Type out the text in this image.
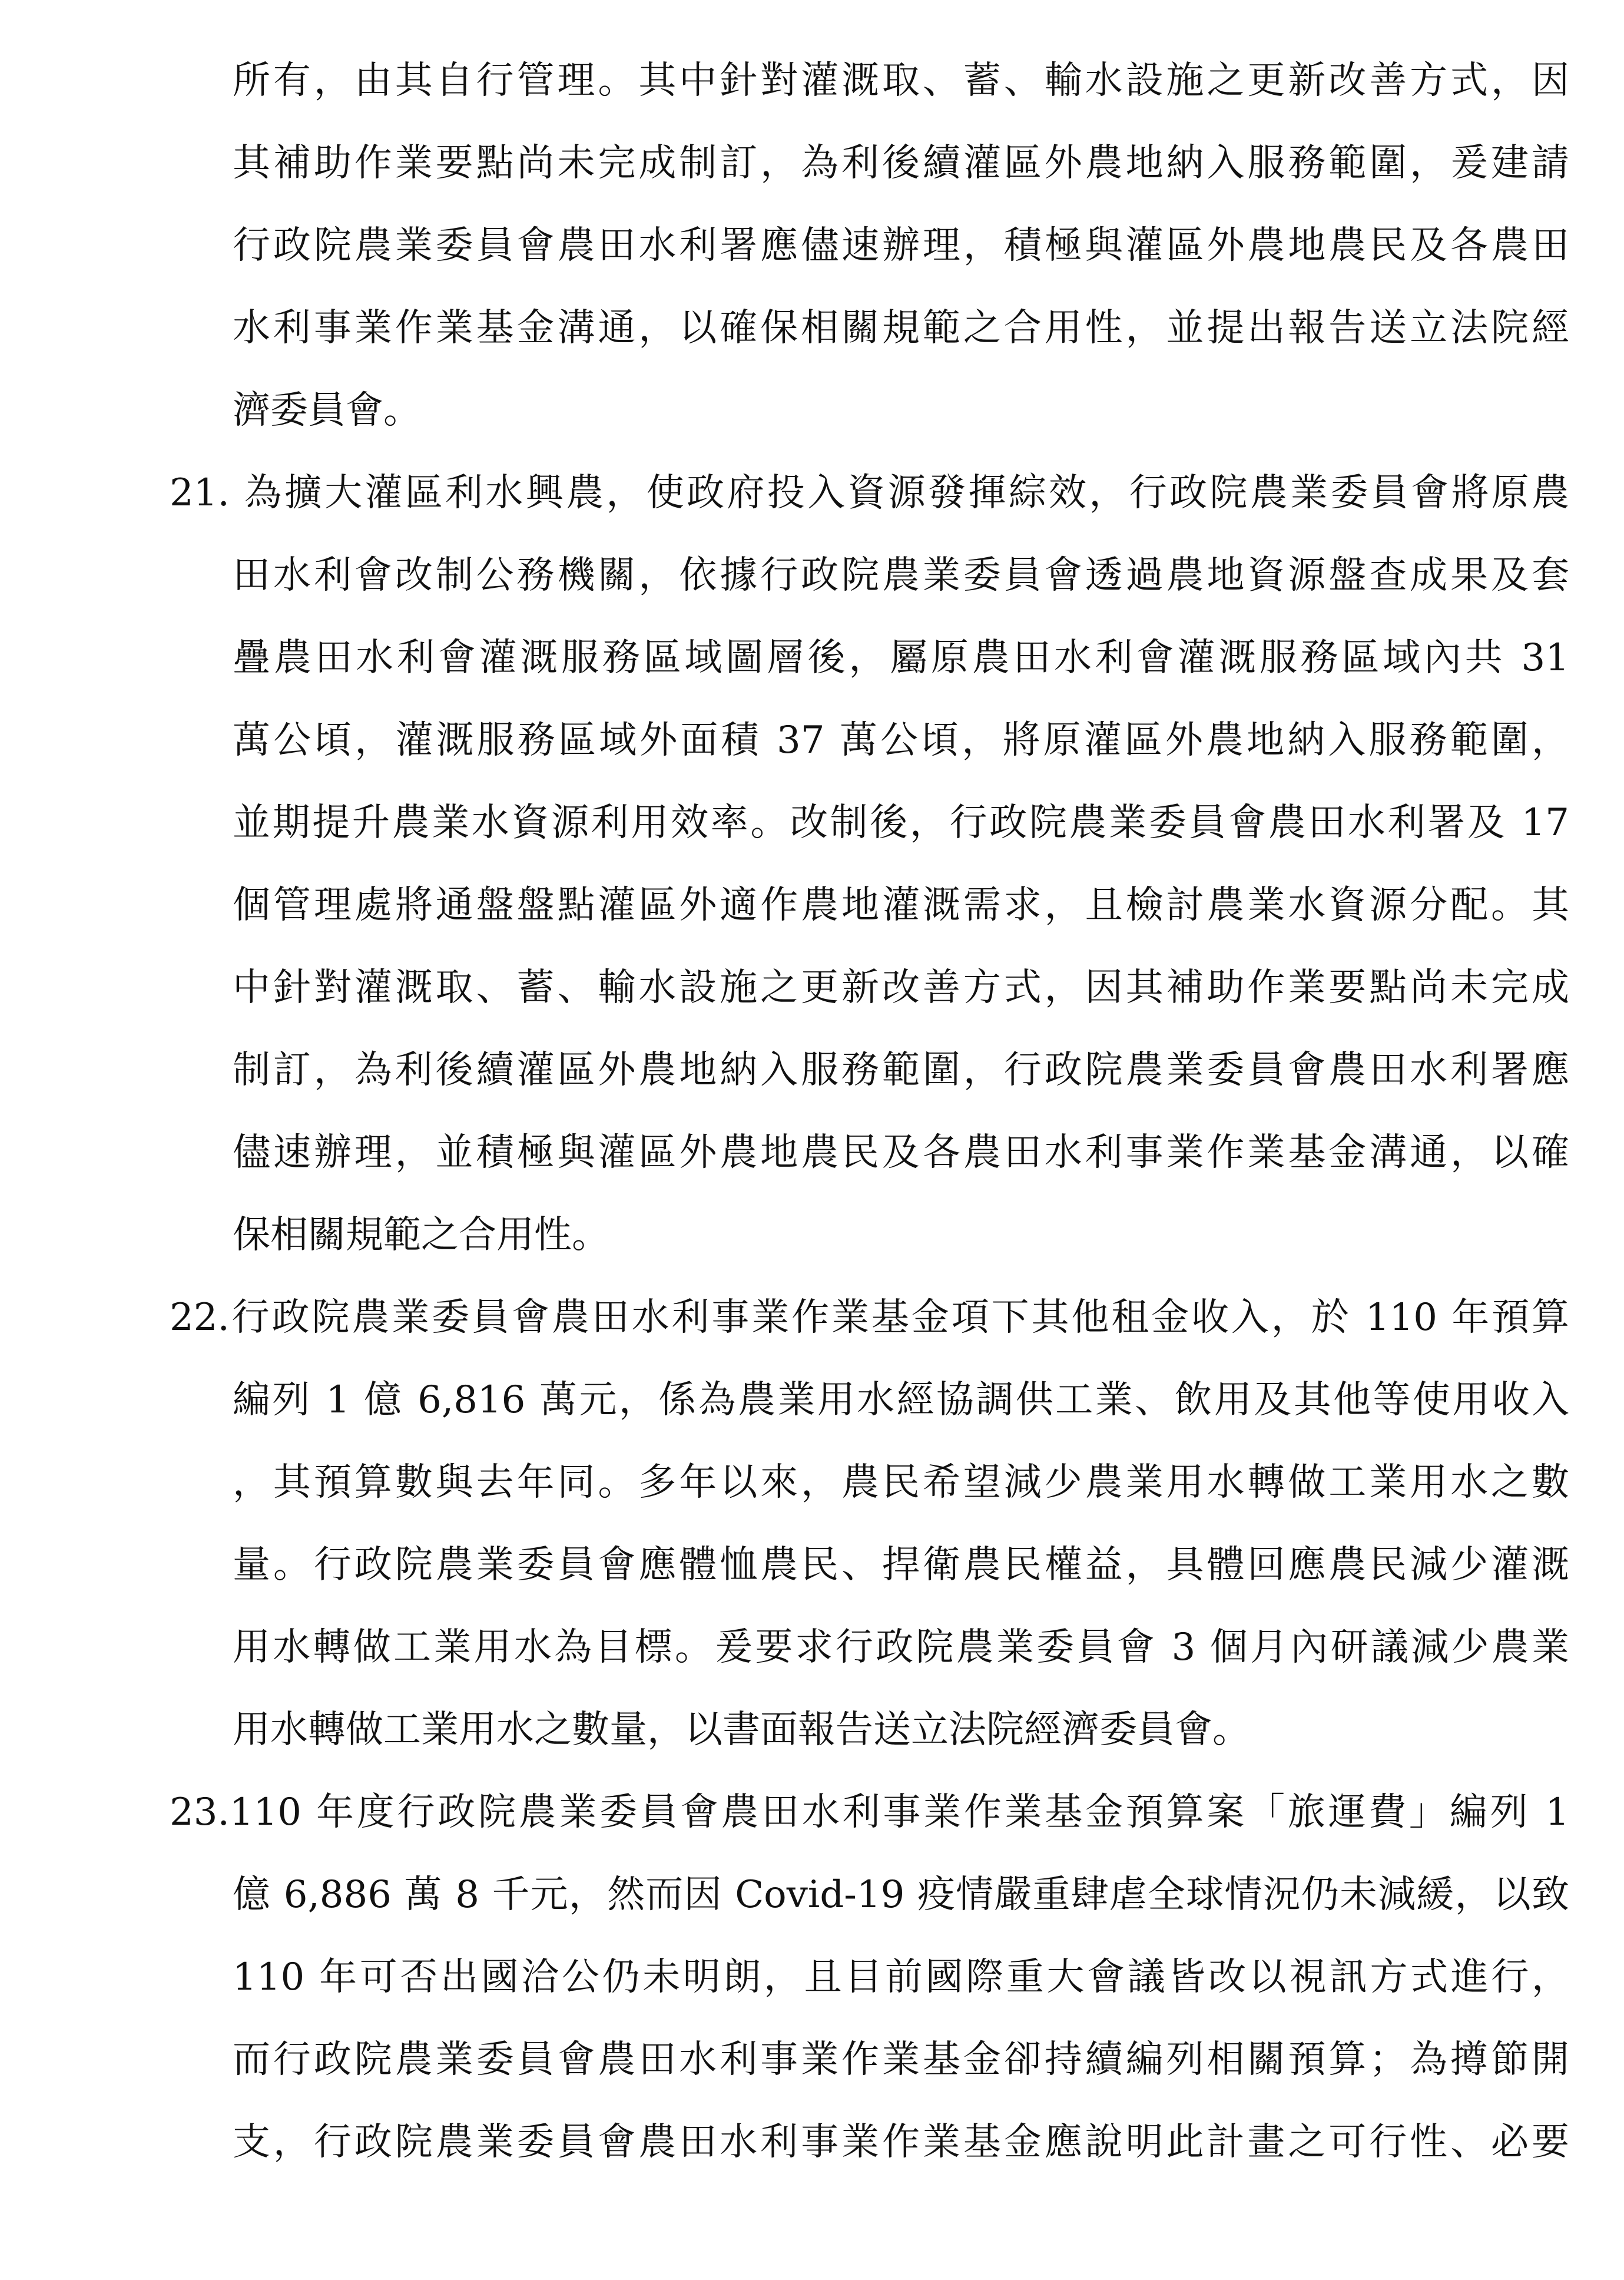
所有，由其自行管理。其中針對灌溉取、蓄、輸水設施之更新改善方式，因
其補助作業要點尚未完成制訂，為利後續灌區外農地納入服務範圍，爰建請
行政院農業委員會農田水利署應儘速辦理，積極與灌區外農地農民及各農田
水利事業作業基金溝通，以確保相關規範之合用性，並提出報告送立法院經
濟委員會。
21. 為擴大灌區利水興農，使政府投入資源發揮綜效，行政院農業委員會將原農
田水利會改制公務機關，依據行政院農業委員會透過農地資源盤查成果及套
疊農田水利會灌溉服務區域圖層後，屬原農田水利會灌溉服務區域內共 31
萬公頃，灌溉服務區域外面積 37 萬公頃，將原灌區外農地納入服務範圍，
並期提升農業水資源利用效率。改制後，行政院農業委員會農田水利署及 17
個管理處將通盤盤點灌區外適作農地灌溉需求，且檢討農業水資源分配。其
中針對灌溉取、蓄、輸水設施之更新改善方式，因其補助作業要點尚未完成
制訂，為利後續灌區外農地納入服務範圍，行政院農業委員會農田水利署應
儘速辦理，並積極與灌區外農地農民及各農田水利事業作業基金溝通，以確
保相關規範之合用性。
22.行政院農業委員會農田水利事業作業基金項下其他租金收入，於 110 年預算
編列 1 億 6,816 萬元，係為農業用水經協調供工業、飲用及其他等使用收入
，其預算數與去年同。多年以來，農民希望減少農業用水轉做工業用水之數
量。行政院農業委員會應體恤農民、捍衛農民權益，具體回應農民減少灌溉
用水轉做工業用水為目標。爰要求行政院農業委員會 3 個月內研議減少農業
用水轉做工業用水之數量，以書面報告送立法院經濟委員會。
23.110 年度行政院農業委員會農田水利事業作業基金預算案「旅運費」編列 1
億 6,886 萬 8 千元，然而因 Covid-19 疫情嚴重肆虐全球情況仍未減緩，以致
110 年可否出國洽公仍未明朗，且目前國際重大會議皆改以視訊方式進行，
而行政院農業委員會農田水利事業作業基金卻持續編列相關預算；為撙節開
支，行政院農業委員會農田水利事業作業基金應說明此計畫之可行性、必要
